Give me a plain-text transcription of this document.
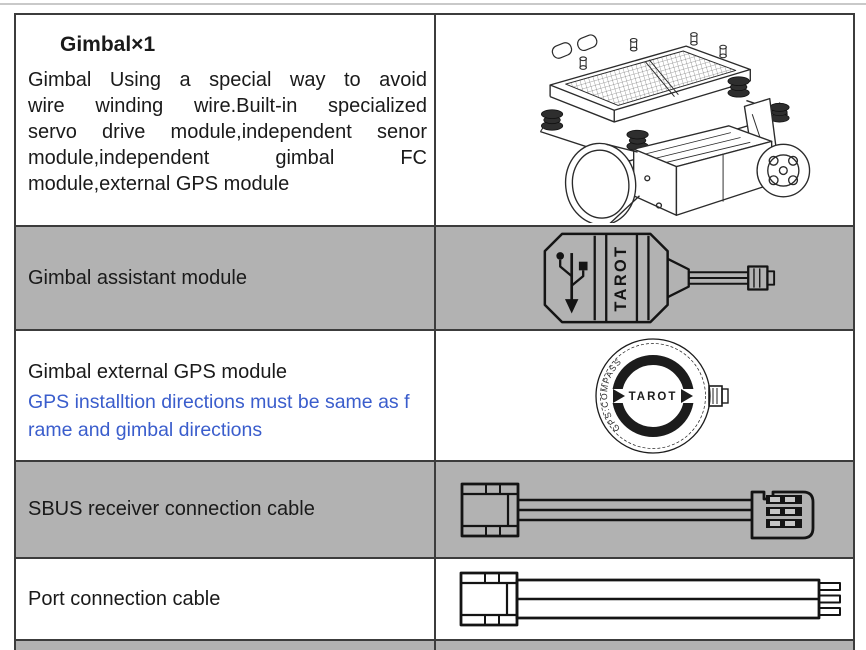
Gimbal×1
Gimbal Using a special way to avoid
wire winding wire.Built-in specialized
servo drive module,independent senor
module,independent gimbal FC
module,external GPS module
Gimbal assistant module	TAROT
Gimbal external GPS module
GPS installtion directions must be same as f
rame and gimbal directions
TAROT
GPS:COMPASS
SBUS receiver connection cable
Port connection cable
